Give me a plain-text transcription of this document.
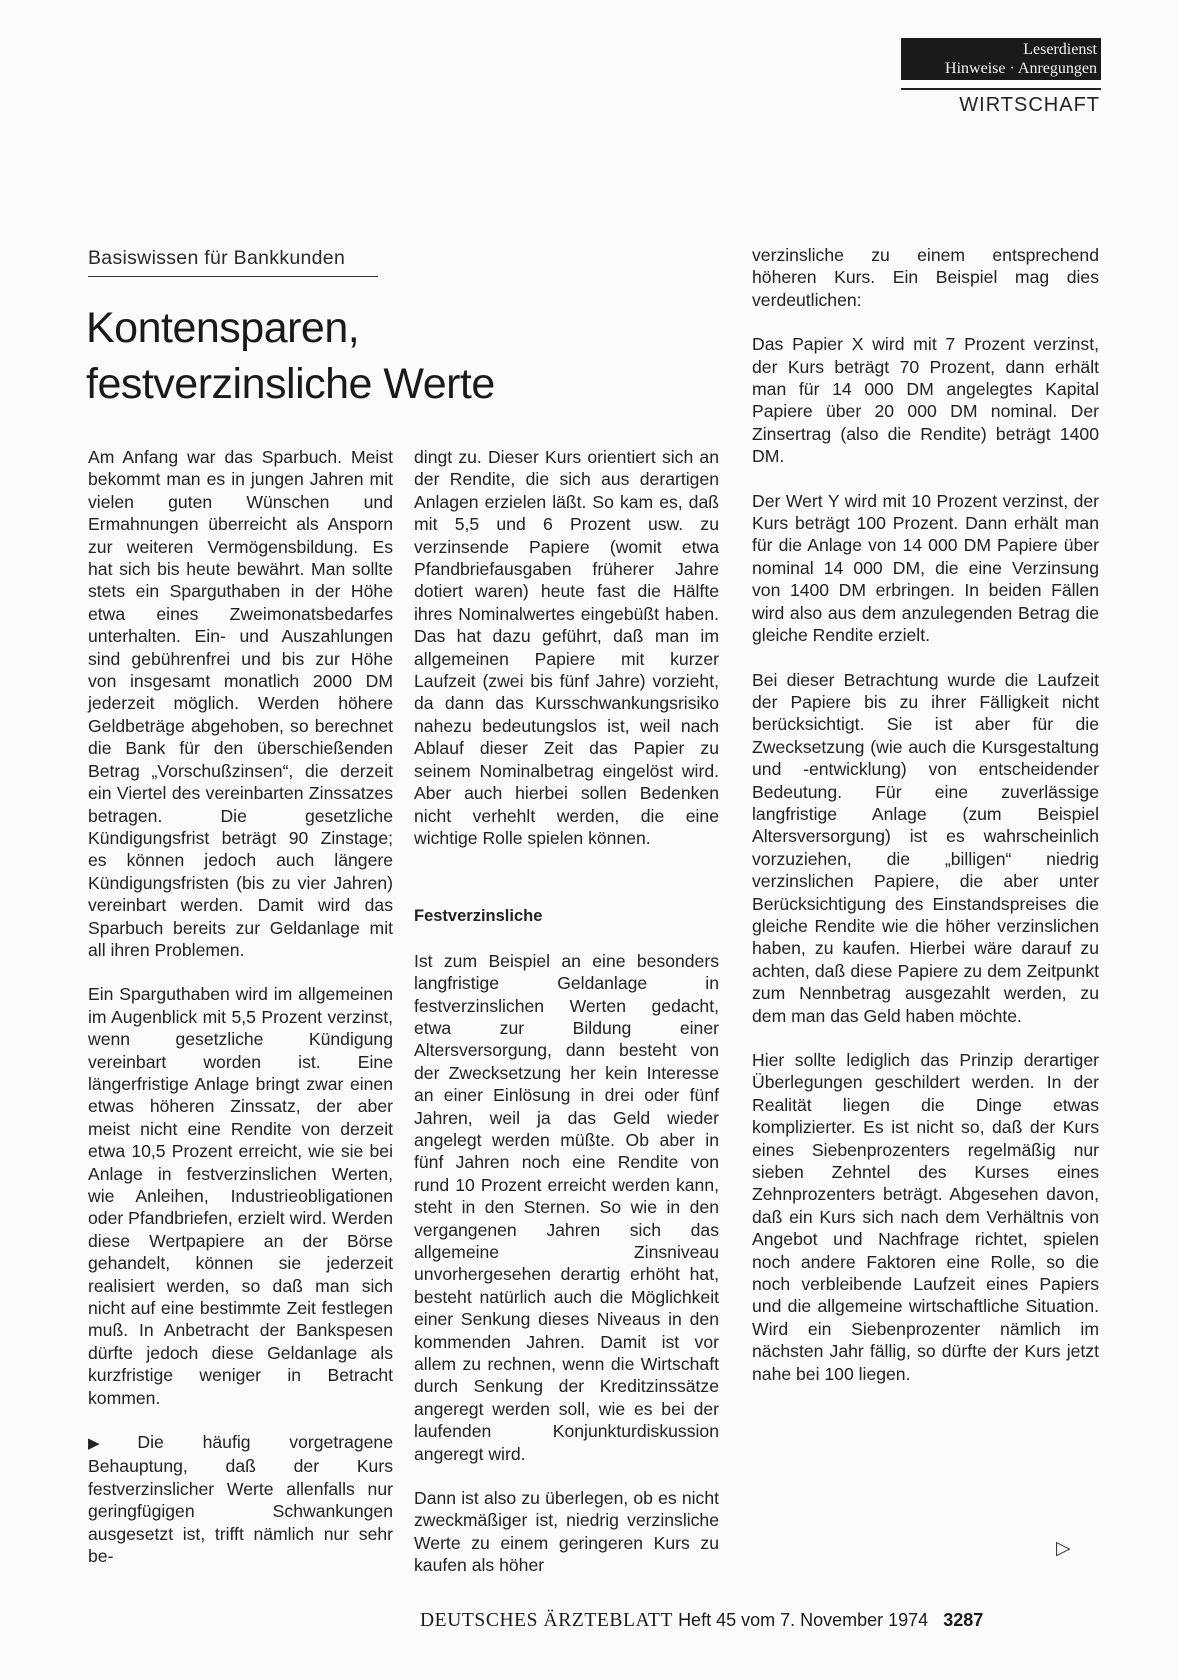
Leserdienst
Hinweise · Anregungen
WIRTSCHAFT
Basiswissen für Bankkunden
Kontensparen,
festverzinsliche Werte

Am Anfang war das Sparbuch. Meist bekommt man es in jungen Jahren mit vielen guten Wünschen und Ermahnungen überreicht als Ansporn zur weiteren Vermögensbildung. Es hat sich bis heute bewährt. Man sollte stets ein Sparguthaben in der Höhe etwa eines Zweimonatsbedarfes unterhalten. Ein- und Auszahlungen sind gebührenfrei und bis zur Höhe von insgesamt monatlich 2000 DM jederzeit möglich. Werden höhere Geldbeträge abgehoben, so berechnet die Bank für den überschießenden Betrag „Vorschußzinsen“, die derzeit ein Viertel des vereinbarten Zinssatzes betragen. Die gesetzliche Kündigungsfrist beträgt 90 Zinstage; es können jedoch auch längere Kündigungsfristen (bis zu vier Jahren) vereinbart werden. Damit wird das Sparbuch bereits zur Geldanlage mit all ihren Problemen.

Ein Sparguthaben wird im allgemeinen im Augenblick mit 5,5 Prozent verzinst, wenn gesetzliche Kündigung vereinbart worden ist. Eine längerfristige Anlage bringt zwar einen etwas höheren Zinssatz, der aber meist nicht eine Rendite von derzeit etwa 10,5 Prozent erreicht, wie sie bei Anlage in festverzinslichen Werten, wie Anleihen, Industrieobligationen oder Pfandbriefen, erzielt wird. Werden diese Wertpapiere an der Börse gehandelt, können sie jederzeit realisiert werden, so daß man sich nicht auf eine bestimmte Zeit festlegen muß. In Anbetracht der Bankspesen dürfte jedoch diese Geldanlage als kurzfristige weniger in Betracht kommen.

▶ Die häufig vorgetragene Behauptung, daß der Kurs festverzinslicher Werte allenfalls nur geringfügigen Schwankungen ausgesetzt ist, trifft nämlich nur sehr be-

dingt zu. Dieser Kurs orientiert sich an der Rendite, die sich aus derartigen Anlagen erzielen läßt. So kam es, daß mit 5,5 und 6 Prozent usw. zu verzinsende Papiere (womit etwa Pfandbriefausgaben früherer Jahre dotiert waren) heute fast die Hälfte ihres Nominalwertes eingebüßt haben. Das hat dazu geführt, daß man im allgemeinen Papiere mit kurzer Laufzeit (zwei bis fünf Jahre) vorzieht, da dann das Kursschwankungsrisiko nahezu bedeutungslos ist, weil nach Ablauf dieser Zeit das Papier zu seinem Nominalbetrag eingelöst wird. Aber auch hierbei sollen Bedenken nicht verhehlt werden, die eine wichtige Rolle spielen können.

Festverzinsliche

Ist zum Beispiel an eine besonders langfristige Geldanlage in festverzinslichen Werten gedacht, etwa zur Bildung einer Altersversorgung, dann besteht von der Zwecksetzung her kein Interesse an einer Einlösung in drei oder fünf Jahren, weil ja das Geld wieder angelegt werden müßte. Ob aber in fünf Jahren noch eine Rendite von rund 10 Prozent erreicht werden kann, steht in den Sternen. So wie in den vergangenen Jahren sich das allgemeine Zinsniveau unvorhergesehen derartig erhöht hat, besteht natürlich auch die Möglichkeit einer Senkung dieses Niveaus in den kommenden Jahren. Damit ist vor allem zu rechnen, wenn die Wirtschaft durch Senkung der Kreditzinssätze angeregt werden soll, wie es bei der laufenden Konjunkturdiskussion angeregt wird.

Dann ist also zu überlegen, ob es nicht zweckmäßiger ist, niedrig verzinsliche Werte zu einem geringeren Kurs zu kaufen als höher

verzinsliche zu einem entsprechend höheren Kurs. Ein Beispiel mag dies verdeutlichen:

Das Papier X wird mit 7 Prozent verzinst, der Kurs beträgt 70 Prozent, dann erhält man für 14 000 DM angelegtes Kapital Papiere über 20 000 DM nominal. Der Zinsertrag (also die Rendite) beträgt 1400 DM.

Der Wert Y wird mit 10 Prozent verzinst, der Kurs beträgt 100 Prozent. Dann erhält man für die Anlage von 14 000 DM Papiere über nominal 14 000 DM, die eine Verzinsung von 1400 DM erbringen. In beiden Fällen wird also aus dem anzulegenden Betrag die gleiche Rendite erzielt.

Bei dieser Betrachtung wurde die Laufzeit der Papiere bis zu ihrer Fälligkeit nicht berücksichtigt. Sie ist aber für die Zwecksetzung (wie auch die Kursgestaltung und -entwicklung) von entscheidender Bedeutung. Für eine zuverlässige langfristige Anlage (zum Beispiel Altersversorgung) ist es wahrscheinlich vorzuziehen, die „billigen“ niedrig verzinslichen Papiere, die aber unter Berücksichtigung des Einstandspreises die gleiche Rendite wie die höher verzinslichen haben, zu kaufen. Hierbei wäre darauf zu achten, daß diese Papiere zu dem Zeitpunkt zum Nennbetrag ausgezahlt werden, zu dem man das Geld haben möchte.

Hier sollte lediglich das Prinzip derartiger Überlegungen geschildert werden. In der Realität liegen die Dinge etwas komplizierter. Es ist nicht so, daß der Kurs eines Siebenprozenters regelmäßig nur sieben Zehntel des Kurses eines Zehnprozenters beträgt. Abgesehen davon, daß ein Kurs sich nach dem Verhältnis von Angebot und Nachfrage richtet, spielen noch andere Faktoren eine Rolle, so die noch verbleibende Laufzeit eines Papiers und die allgemeine wirtschaftliche Situation. Wird ein Siebenprozenter nämlich im nächsten Jahr fällig, so dürfte der Kurs jetzt nahe bei 100 liegen.

▷
DEUTSCHES ÄRZTEBLATT Heft 45 vom 7. November 1974 3287
